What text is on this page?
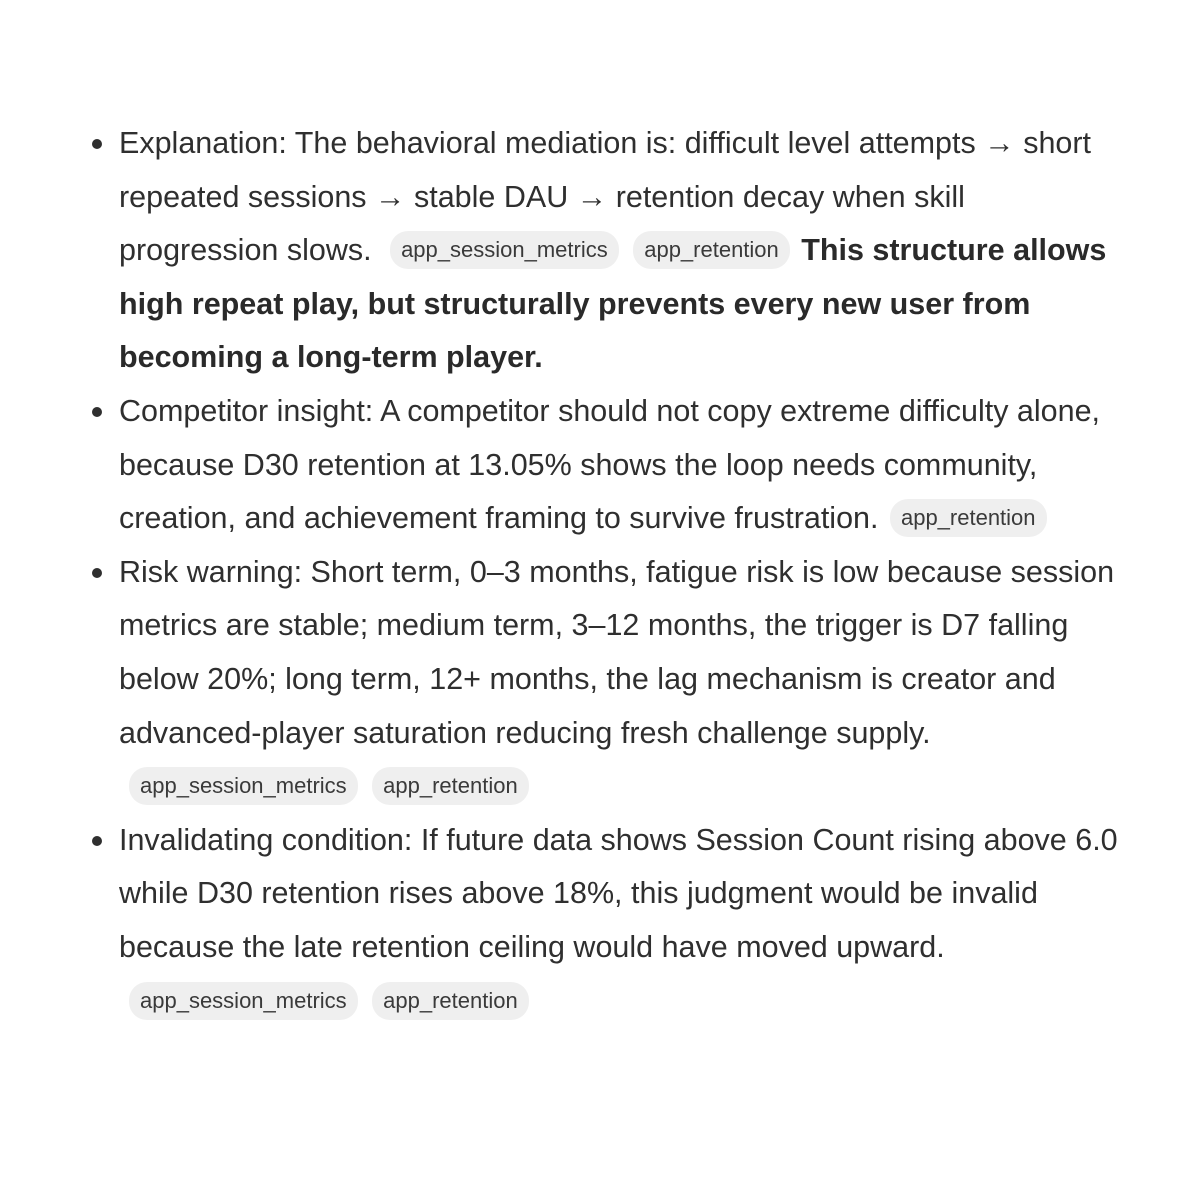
Explanation: The behavioral mediation is: difficult level attempts → short repeated sessions → stable DAU → retention decay when skill progression slows. app_session_metrics app_retention This structure allows high repeat play, but structurally prevents every new user from becoming a long-term player.
Competitor insight: A competitor should not copy extreme difficulty alone, because D30 retention at 13.05% shows the loop needs community, creation, and achievement framing to survive frustration. app_retention
Risk warning: Short term, 0–3 months, fatigue risk is low because session metrics are stable; medium term, 3–12 months, the trigger is D7 falling below 20%; long term, 12+ months, the lag mechanism is creator and advanced-player saturation reducing fresh challenge supply. app_session_metrics app_retention
Invalidating condition: If future data shows Session Count rising above 6.0 while D30 retention rises above 18%, this judgment would be invalid because the late retention ceiling would have moved upward. app_session_metrics app_retention
